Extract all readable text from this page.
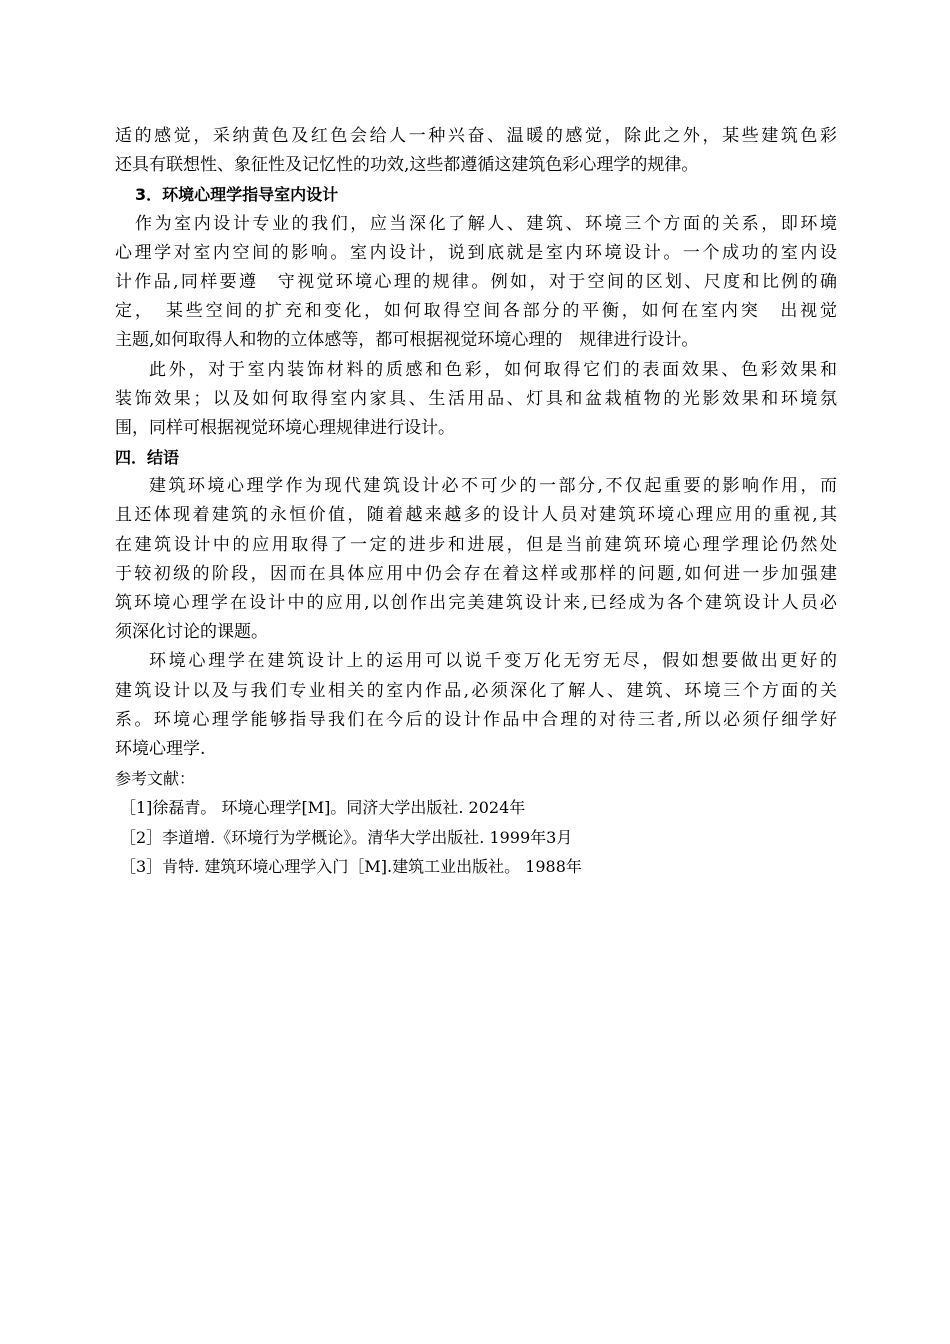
适的感觉，采纳黄色及红色会给人一种兴奋、温暖的感觉，除此之外，某些建筑色彩
还具有联想性、象征性及记忆性的功效,这些都遵循这建筑色彩心理学的规律。
3．环境心理学指导室内设计
作为室内设计专业的我们，应当深化了解人、建筑、环境三个方面的关系，即环境
心理学对室内空间的影响。室内设计，说到底就是室内环境设计。一个成功的室内设
计作品,同样要遵　守视觉环境心理的规律。例如，对于空间的区划、尺度和比例的确
定，　某些空间的扩充和变化，如何取得空间各部分的平衡，如何在室内突　出视觉
主题,如何取得人和物的立体感等，都可根据视觉环境心理的　规律进行设计。
此外，对于室内装饰材料的质感和色彩，如何取得它们的表面效果、色彩效果和
装饰效果；以及如何取得室内家具、生活用品、灯具和盆栽植物的光影效果和环境氛
围，同样可根据视觉环境心理规律进行设计。
四．结语
建筑环境心理学作为现代建筑设计必不可少的一部分,不仅起重要的影响作用，而
且还体现着建筑的永恒价值，随着越来越多的设计人员对建筑环境心理应用的重视,其
在建筑设计中的应用取得了一定的进步和进展，但是当前建筑环境心理学理论仍然处
于较初级的阶段，因而在具体应用中仍会存在着这样或那样的问题,如何进一步加强建
筑环境心理学在设计中的应用,以创作出完美建筑设计来,已经成为各个建筑设计人员必
须深化讨论的课题。
环境心理学在建筑设计上的运用可以说千变万化无穷无尽，假如想要做出更好的
建筑设计以及与我们专业相关的室内作品,必须深化了解人、建筑、环境三个方面的关
系。环境心理学能够指导我们在今后的设计作品中合理的对待三者,所以必须仔细学好
环境心理学.
参考文献：
［1]徐磊青。 环境心理学[M]。同济大学出版社. 2024年
［2］李道增.《环境行为学概论》。清华大学出版社. 1999年3月
［3］肯特. 建筑环境心理学入门［M].建筑工业出版社。 1988年
